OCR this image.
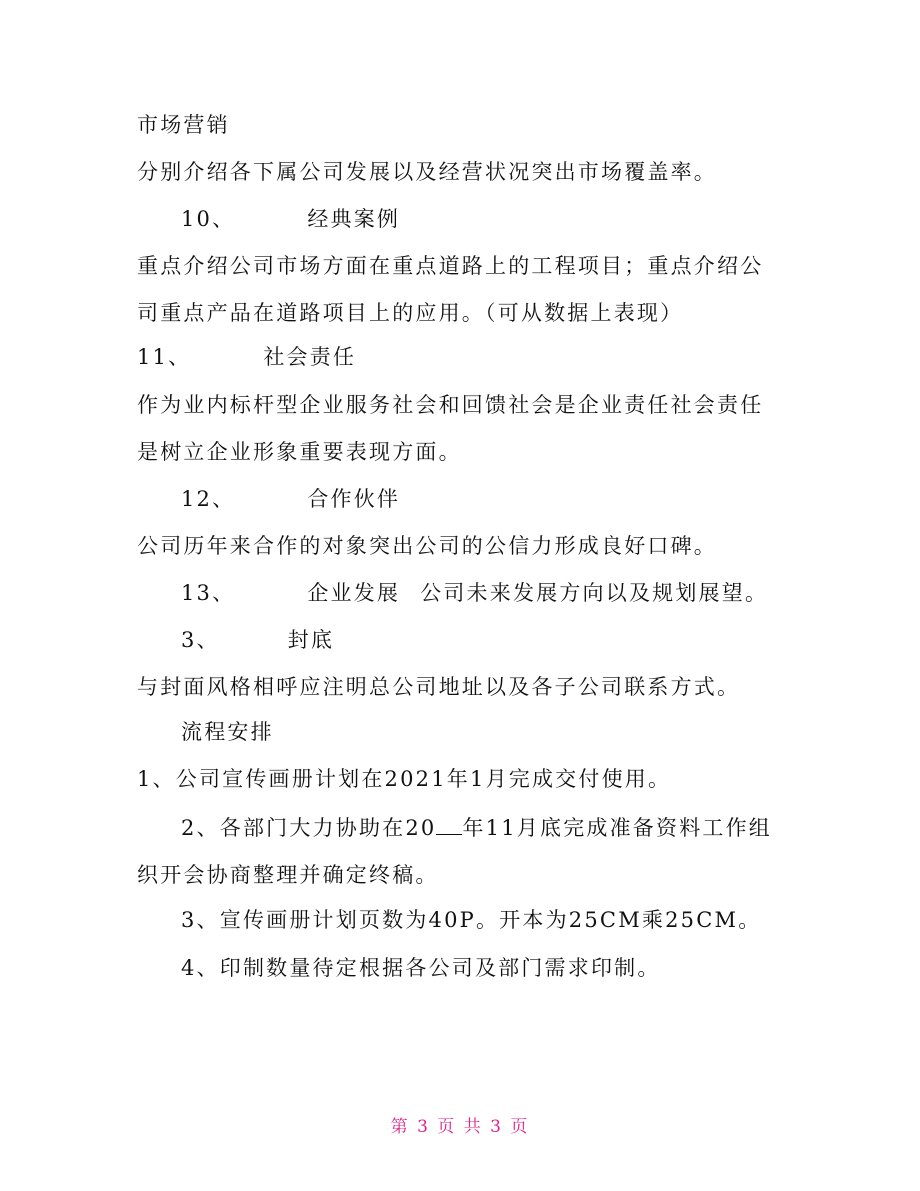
市场营销
分别介绍各下属公司发展以及经营状况突出市场覆盖率。
10、	经典案例
重点介绍公司市场方面在重点道路上的工程项目；重点介绍公
司重点产品在道路项目上的应用。（可从数据上表现）
11、	社会责任
作为业内标杆型企业服务社会和回馈社会是企业责任社会责任
是树立企业形象重要表现方面。
12、	合作伙伴
公司历年来合作的对象突出公司的公信力形成良好口碑。
13、	企业发展 公司未来发展方向以及规划展望。
3、	封底
与封面风格相呼应注明总公司地址以及各子公司联系方式。
流程安排
1、公司宣传画册计划在2021年1月完成交付使用。
2、各部门大力协助在20 年11月底完成准备资料工作组
织开会协商整理并确定终稿。
3、宣传画册计划页数为40P。开本为25CM乘25CM。
4、印制数量待定根据各公司及部门需求印制。
第 3 页 共 3 页
